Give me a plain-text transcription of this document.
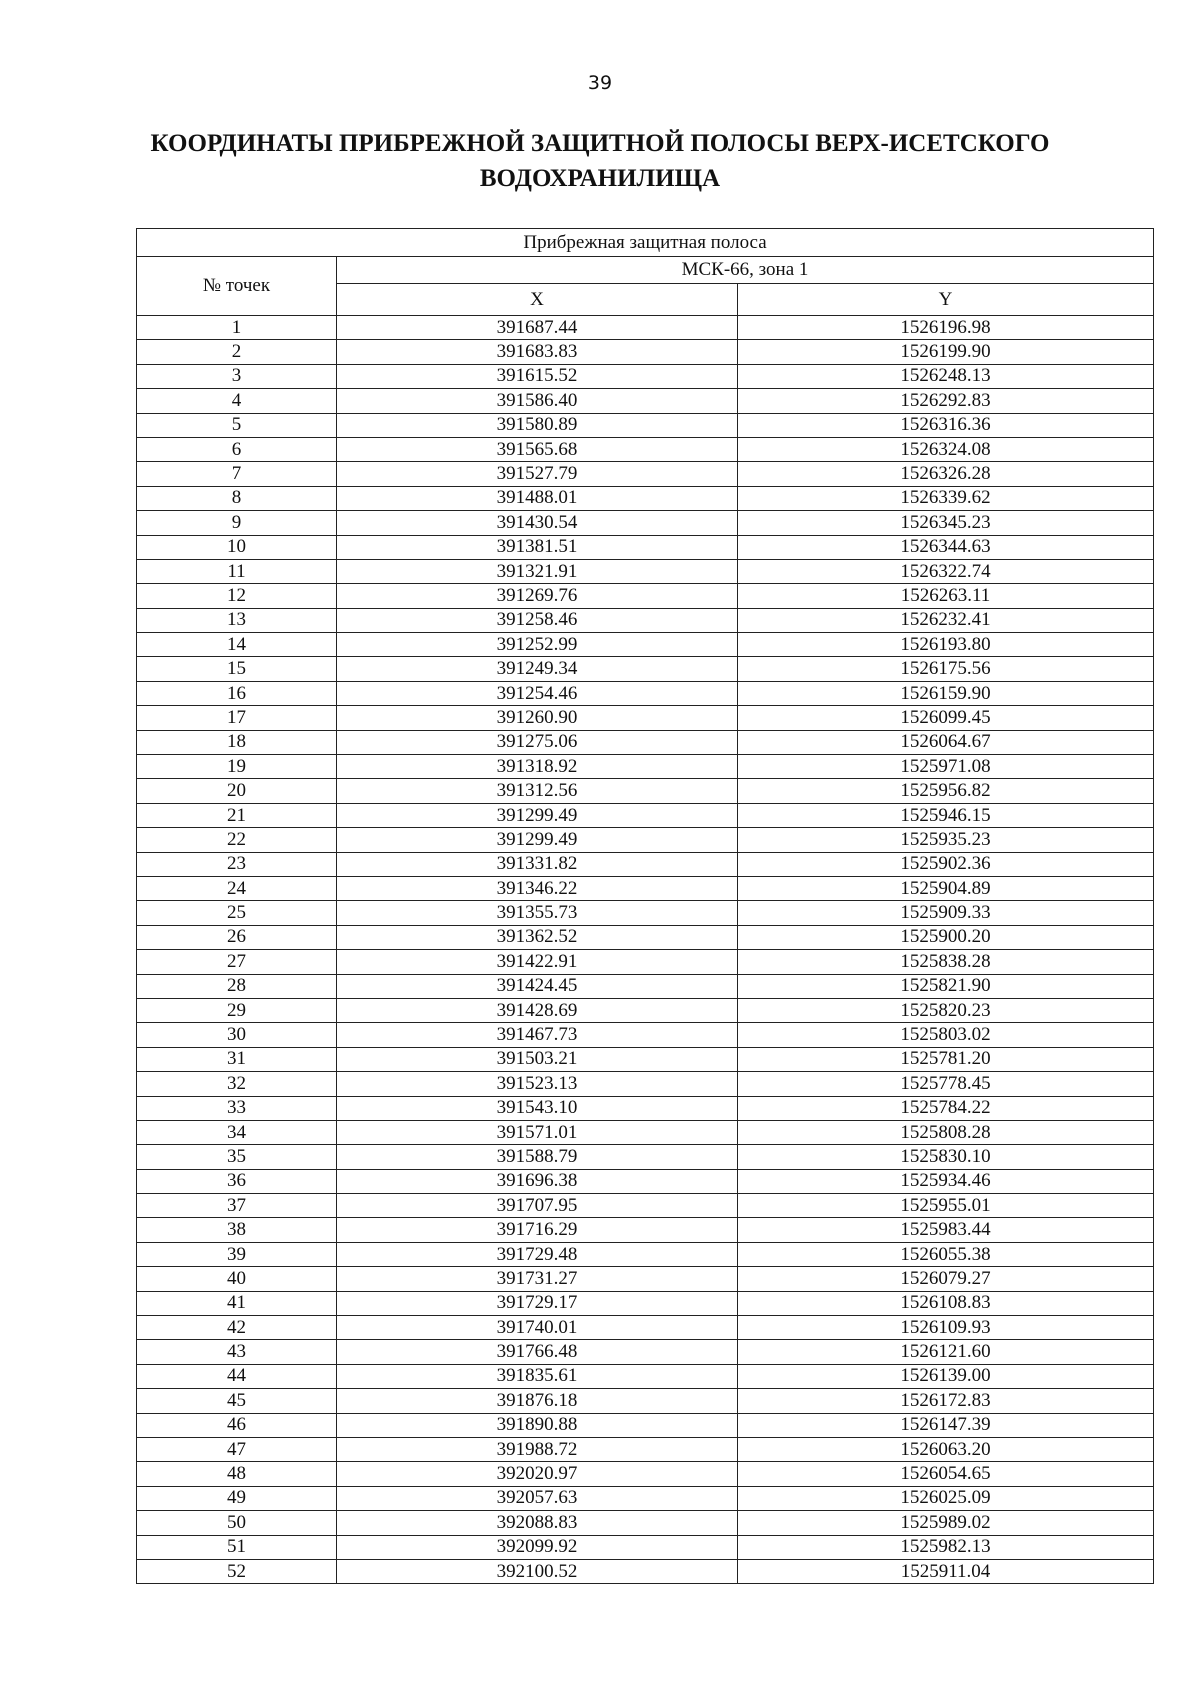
39
КООРДИНАТЫ ПРИБРЕЖНОЙ ЗАЩИТНОЙ ПОЛОСЫ ВЕРХ-ИСЕТСКОГО ВОДОХРАНИЛИЩА
Прибрежная защитная полоса		
№ точек	МСК-66, зона 1	
	X	Y
1	391687.44	1526196.98
2	391683.83	1526199.90
3	391615.52	1526248.13
4	391586.40	1526292.83
5	391580.89	1526316.36
6	391565.68	1526324.08
7	391527.79	1526326.28
8	391488.01	1526339.62
9	391430.54	1526345.23
10	391381.51	1526344.63
11	391321.91	1526322.74
12	391269.76	1526263.11
13	391258.46	1526232.41
14	391252.99	1526193.80
15	391249.34	1526175.56
16	391254.46	1526159.90
17	391260.90	1526099.45
18	391275.06	1526064.67
19	391318.92	1525971.08
20	391312.56	1525956.82
21	391299.49	1525946.15
22	391299.49	1525935.23
23	391331.82	1525902.36
24	391346.22	1525904.89
25	391355.73	1525909.33
26	391362.52	1525900.20
27	391422.91	1525838.28
28	391424.45	1525821.90
29	391428.69	1525820.23
30	391467.73	1525803.02
31	391503.21	1525781.20
32	391523.13	1525778.45
33	391543.10	1525784.22
34	391571.01	1525808.28
35	391588.79	1525830.10
36	391696.38	1525934.46
37	391707.95	1525955.01
38	391716.29	1525983.44
39	391729.48	1526055.38
40	391731.27	1526079.27
41	391729.17	1526108.83
42	391740.01	1526109.93
43	391766.48	1526121.60
44	391835.61	1526139.00
45	391876.18	1526172.83
46	391890.88	1526147.39
47	391988.72	1526063.20
48	392020.97	1526054.65
49	392057.63	1526025.09
50	392088.83	1525989.02
51	392099.92	1525982.13
52	392100.52	1525911.04
